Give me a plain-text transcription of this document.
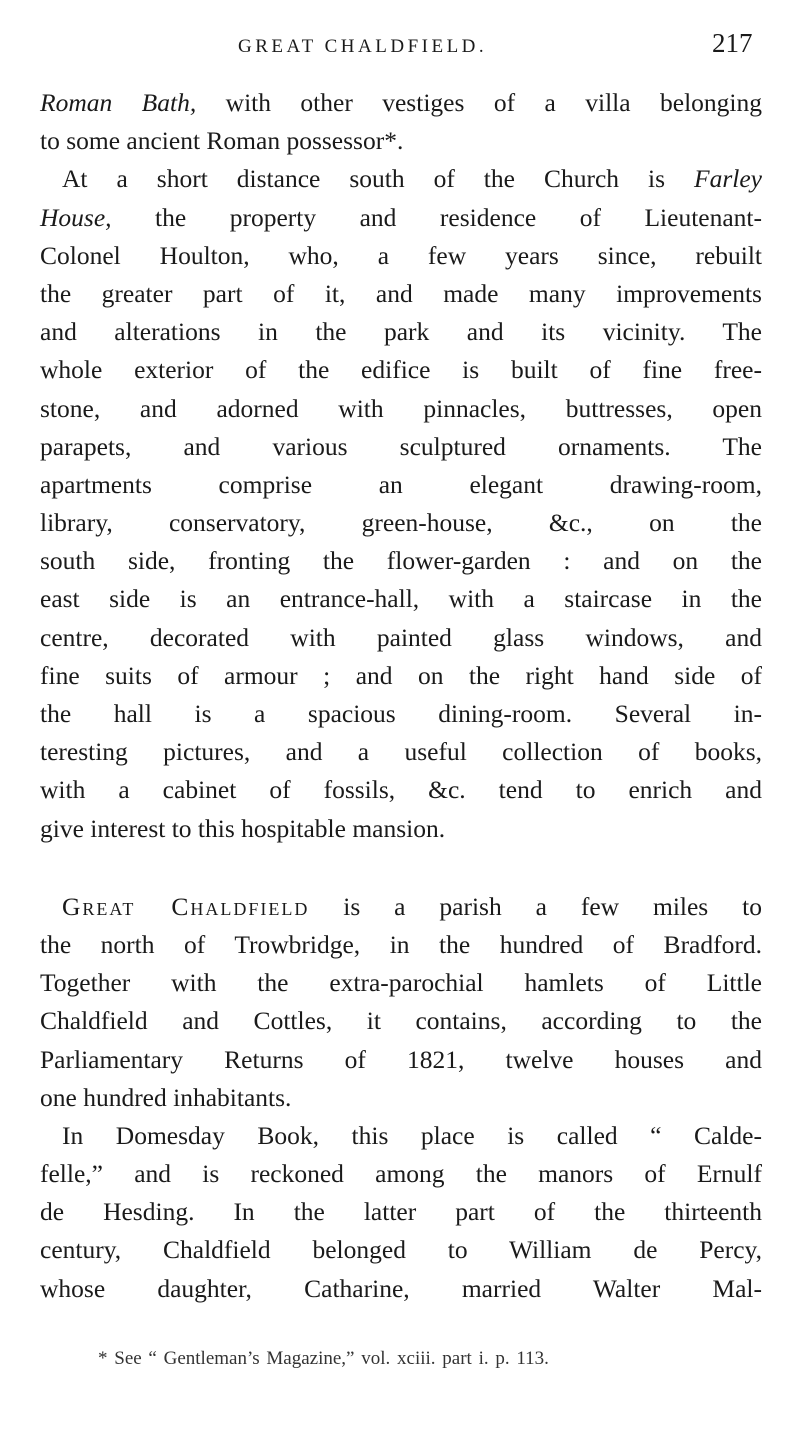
GREAT CHALDFIELD.	217
Roman Bath, with other vestiges of a villa belonging
to some ancient Roman possessor*.
At a short distance south of the Church is Farley
House, the property and residence of Lieutenant-
Colonel Houlton, who, a few years since, rebuilt
the greater part of it, and made many improvements
and alterations in the park and its vicinity. The
whole exterior of the edifice is built of fine free-
stone, and adorned with pinnacles, buttresses, open
parapets, and various sculptured ornaments. The
apartments comprise an elegant drawing-room,
library, conservatory, green-house, &c., on the
south side, fronting the flower-garden : and on the
east side is an entrance-hall, with a staircase in the
centre, decorated with painted glass windows, and
fine suits of armour ; and on the right hand side of
the hall is a spacious dining-room. Several in-
teresting pictures, and a useful collection of books,
with a cabinet of fossils, &c. tend to enrich and
give interest to this hospitable mansion.
Great Chaldfield is a parish a few miles to
the north of Trowbridge, in the hundred of Bradford.
Together with the extra-parochial hamlets of Little
Chaldfield and Cottles, it contains, according to the
Parliamentary Returns of 1821, twelve houses and
one hundred inhabitants.
In Domesday Book, this place is called “ Calde-
felle,” and is reckoned among the manors of Ernulf
de Hesding. In the latter part of the thirteenth
century, Chaldfield belonged to William de Percy,
whose daughter, Catharine, married Walter Mal-
* See “ Gentleman’s Magazine,” vol. xciii. part i. p. 113.
